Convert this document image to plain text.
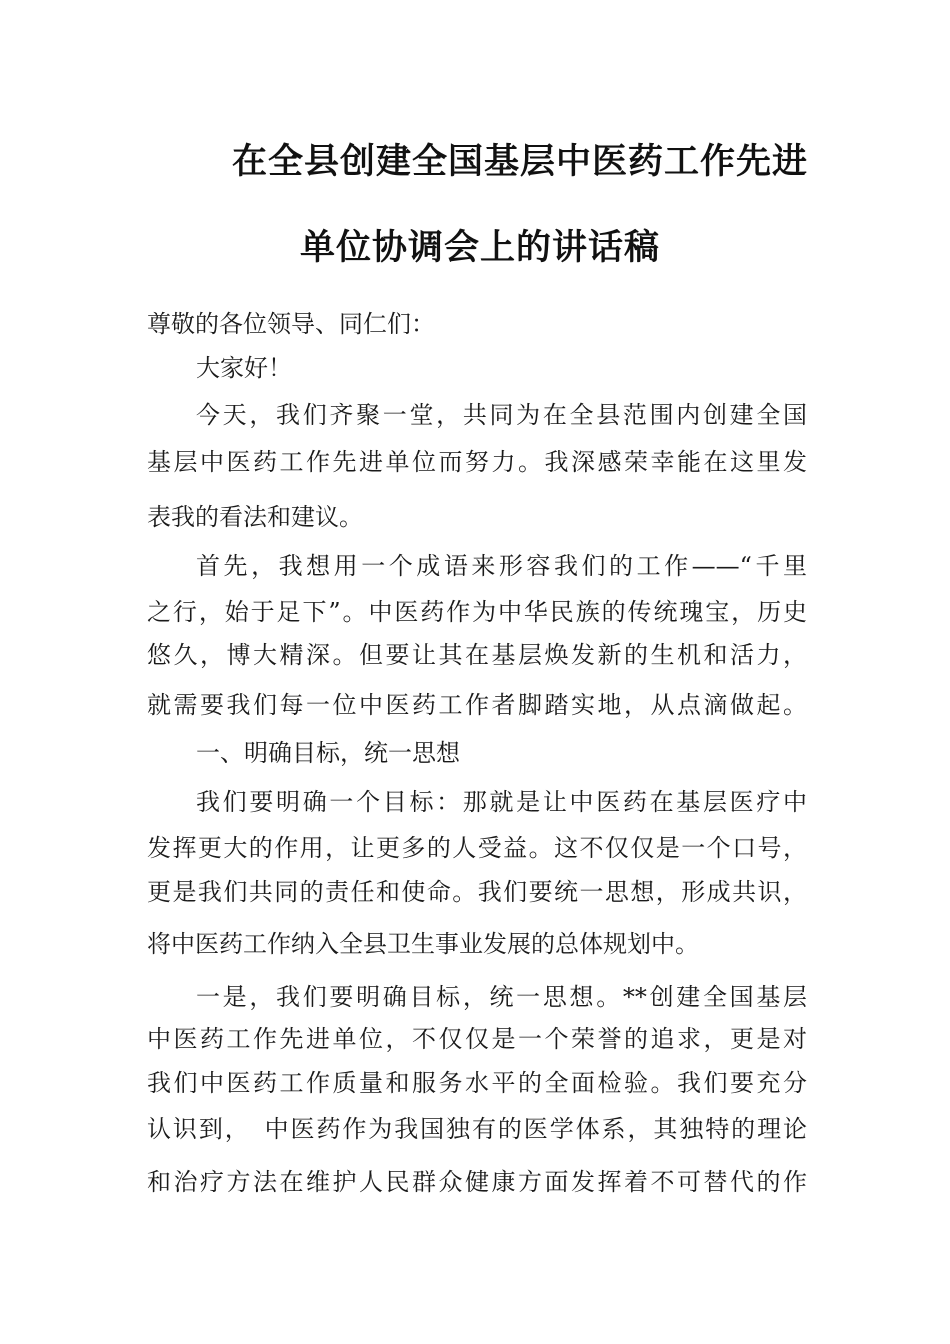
在全县创建全国基层中医药工作先进
单位协调会上的讲话稿
尊敬的各位领导、同仁们：
大家好！
今天，我们齐聚一堂，共同为在全县范围内创建全国
基层中医药工作先进单位而努力。我深感荣幸能在这里发
表我的看法和建议。
首先，我想用一个成语来形容我们的工作——“千里
之行，始于足下”。中医药作为中华民族的传统瑰宝，历史
悠久，博大精深。但要让其在基层焕发新的生机和活力，
就需要我们每一位中医药工作者脚踏实地，从点滴做起。
一、明确目标，统一思想
我们要明确一个目标：那就是让中医药在基层医疗中
发挥更大的作用，让更多的人受益。这不仅仅是一个口号，
更是我们共同的责任和使命。我们要统一思想，形成共识，
将中医药工作纳入全县卫生事业发展的总体规划中。
一是，我们要明确目标，统一思想。**创建全国基层
中医药工作先进单位，不仅仅是一个荣誉的追求，更是对
我们中医药工作质量和服务水平的全面检验。我们要充分
认识到，　中医药作为我国独有的医学体系，其独特的理论
和治疗方法在维护人民群众健康方面发挥着不可替代的作
